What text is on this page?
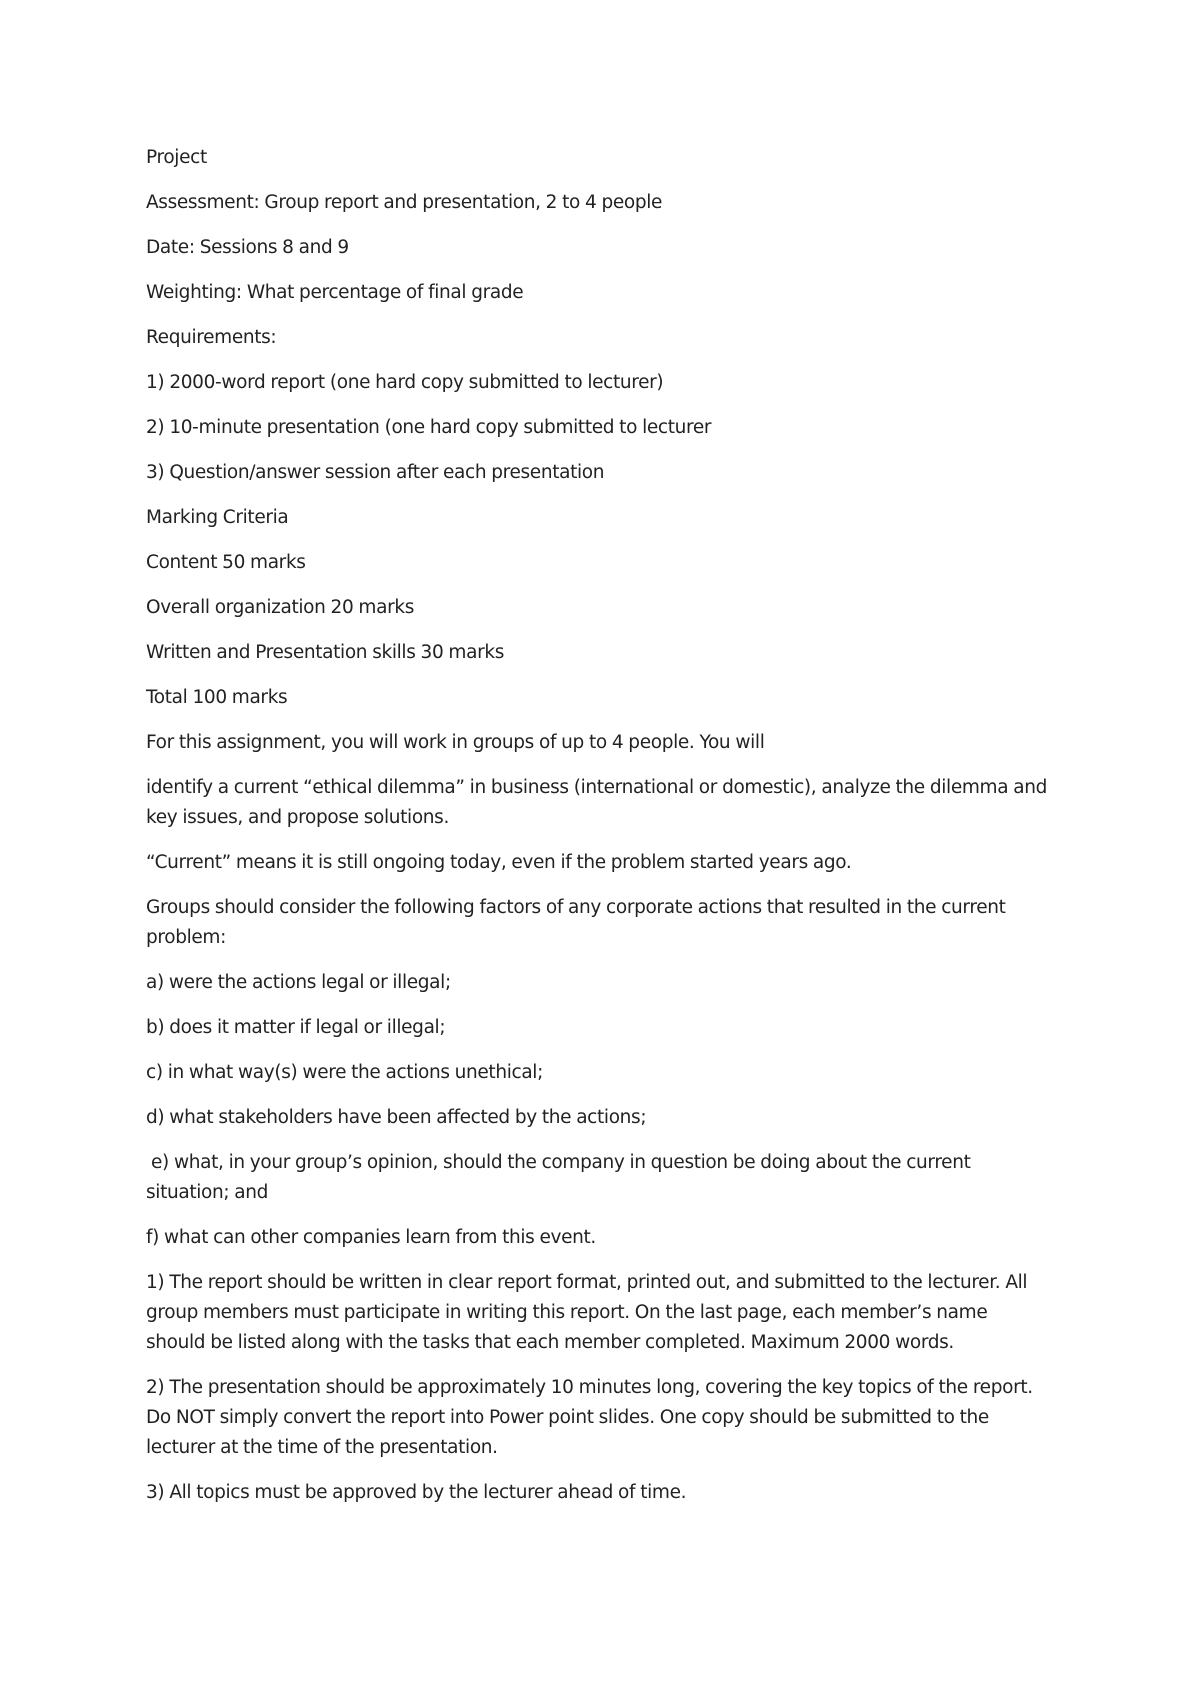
Project

Assessment: Group report and presentation, 2 to 4 people

Date: Sessions 8 and 9

Weighting: What percentage of final grade

Requirements:

1) 2000-word report (one hard copy submitted to lecturer)

2) 10-minute presentation (one hard copy submitted to lecturer

3) Question/answer session after each presentation

Marking Criteria

Content 50 marks

Overall organization 20 marks

Written and Presentation skills 30 marks

Total 100 marks

For this assignment, you will work in groups of up to 4 people. You will

identify a current “ethical dilemma” in business (international or domestic), analyze the dilemma and
key issues, and propose solutions.

“Current” means it is still ongoing today, even if the problem started years ago.

Groups should consider the following factors of any corporate actions that resulted in the current
problem:

a) were the actions legal or illegal;

b) does it matter if legal or illegal;

c) in what way(s) were the actions unethical;

d) what stakeholders have been affected by the actions;

e) what, in your group’s opinion, should the company in question be doing about the current
situation; and

f) what can other companies learn from this event.

1) The report should be written in clear report format, printed out, and submitted to the lecturer. All
group members must participate in writing this report. On the last page, each member’s name
should be listed along with the tasks that each member completed. Maximum 2000 words.

2) The presentation should be approximately 10 minutes long, covering the key topics of the report.
Do NOT simply convert the report into Power point slides. One copy should be submitted to the
lecturer at the time of the presentation.

3) All topics must be approved by the lecturer ahead of time.
